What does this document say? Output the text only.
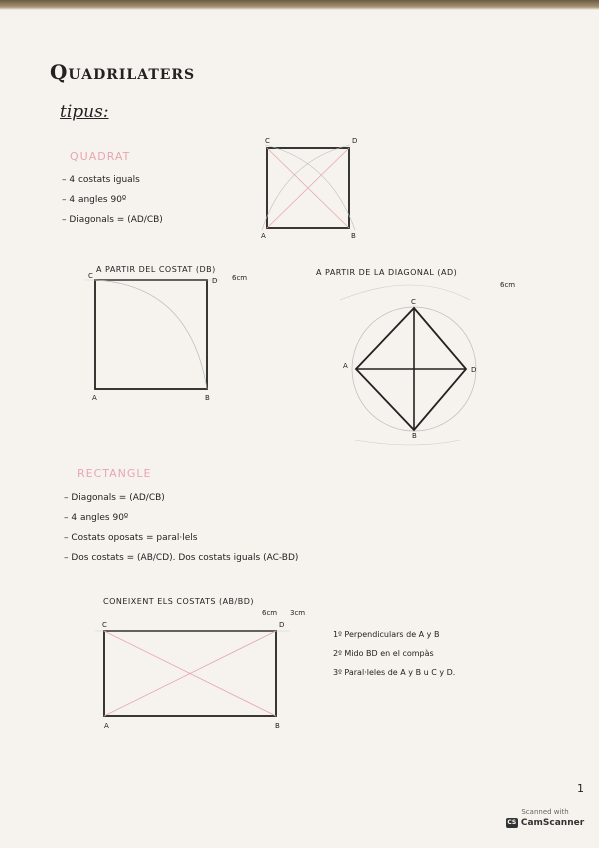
Quadrilaters
tipus:
QUADRAT
– 4 costats iguals
– 4 angles 90º
– Diagonals = (AD/CB)
C	D
A	B
A PARTIR DEL COSTAT (DB)
6cm
C
D
A	B
A PARTIR DE LA DIAGONAL (AD)
6cm
C
A	D
B
RECTANGLE
– Diagonals = (AD/CB)
– 4 angles 90º
– Costats oposats = paral·lels
– Dos costats = (AB/CD). Dos costats iguals (AC-BD)
CONEIXENT ELS COSTATS (AB/BD)
6cm 3cm
C	D
A	B
1º Perpendiculars de A y B
2º Mido BD en el compàs
3º Paral·leles de A y B u C y D.
1
Scanned with
CS CamScanner
